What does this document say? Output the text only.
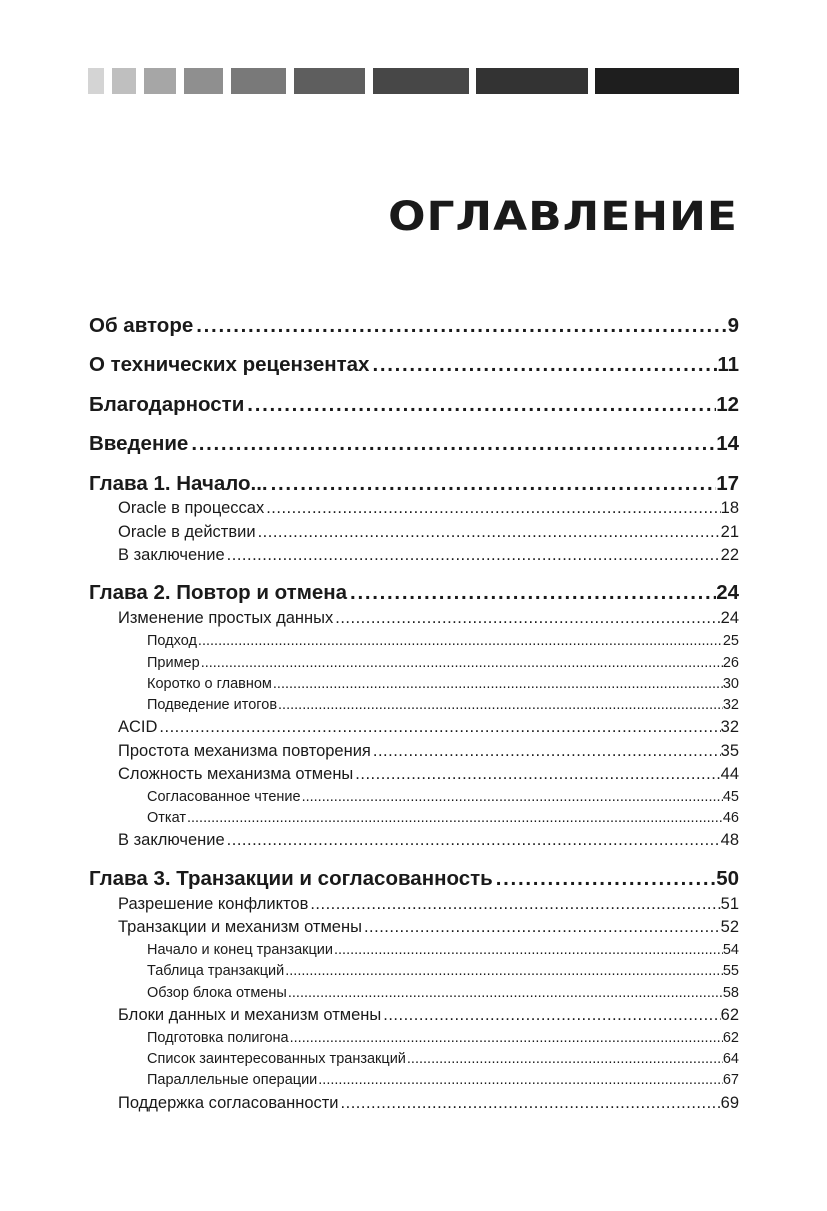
ОГЛАВЛЕНИЕ
Об авторе .....	9
О технических рецензентах .....	11
Благодарности .....	12
Введение .....	14
Глава 1. Начало... .....	17
Oracle в процессах .....	18
Oracle в действии .....	21
В заключение .....	22
Глава 2. Повтор и отмена .....	24
Изменение простых данных .....	24
Подход .....	25
Пример .....	26
Коротко о главном .....	30
Подведение итогов .....	32
ACID .....	32
Простота механизма повторения .....	35
Сложность механизма отмены .....	44
Согласованное чтение .....	45
Откат .....	46
В заключение .....	48
Глава 3. Транзакции и согласованность .....	50
Разрешение конфликтов .....	51
Транзакции и механизм отмены .....	52
Начало и конец транзакции .....	54
Таблица транзакций .....	55
Обзор блока отмены .....	58
Блоки данных и механизм отмены .....	62
Подготовка полигона .....	62
Список заинтересованных транзакций .....	64
Параллельные операции .....	67
Поддержка согласованности .....	69
